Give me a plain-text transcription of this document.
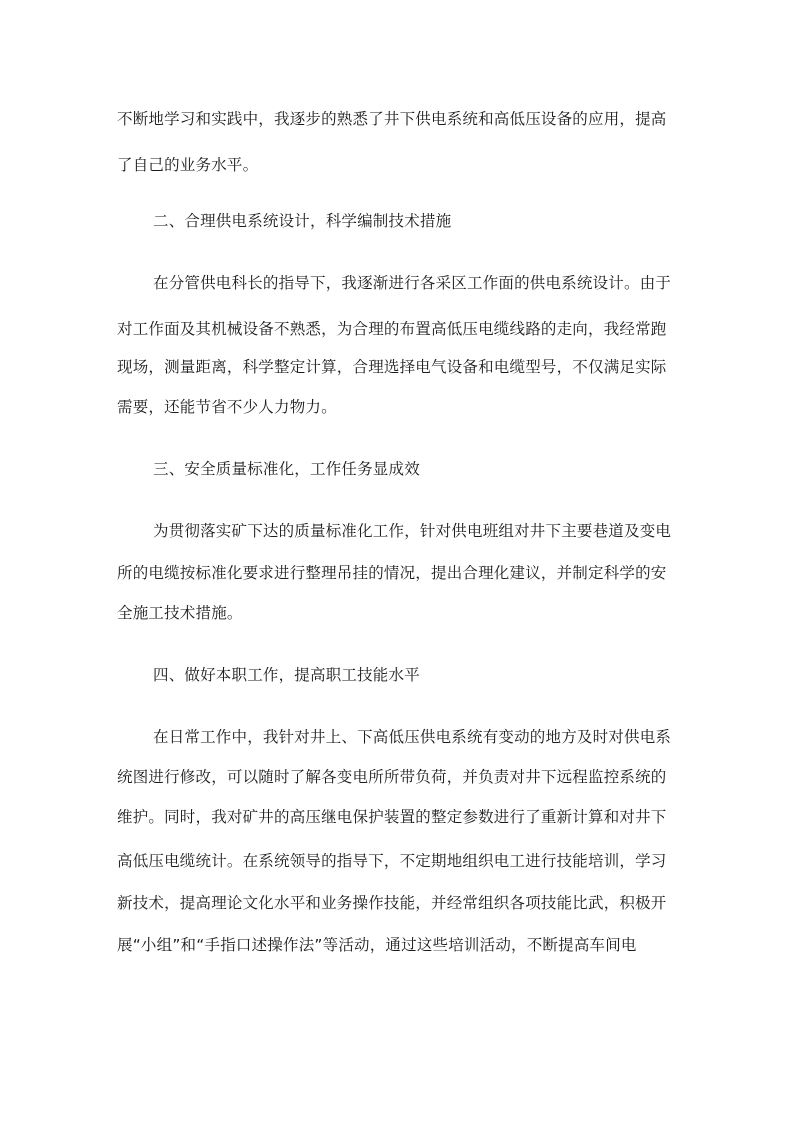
不断地学习和实践中，我逐步的熟悉了井下供电系统和高低压设备的应用，提高
了自己的业务水平。
二、合理供电系统设计，科学编制技术措施
在分管供电科长的指导下，我逐渐进行各采区工作面的供电系统设计。由于
对工作面及其机械设备不熟悉，为合理的布置高低压电缆线路的走向，我经常跑
现场，测量距离，科学整定计算，合理选择电气设备和电缆型号，不仅满足实际
需要，还能节省不少人力物力。
三、安全质量标准化，工作任务显成效
为贯彻落实矿下达的质量标准化工作，针对供电班组对井下主要巷道及变电
所的电缆按标准化要求进行整理吊挂的情况，提出合理化建议，并制定科学的安
全施工技术措施。
四、做好本职工作，提高职工技能水平
在日常工作中，我针对井上、下高低压供电系统有变动的地方及时对供电系
统图进行修改，可以随时了解各变电所所带负荷，并负责对井下远程监控系统的
维护。同时，我对矿井的高压继电保护装置的整定参数进行了重新计算和对井下
高低压电缆统计。在系统领导的指导下，不定期地组织电工进行技能培训，学习
新技术，提高理论文化水平和业务操作技能，并经常组织各项技能比武，积极开
展“小组”和“手指口述操作法”等活动，通过这些培训活动，不断提高车间电
